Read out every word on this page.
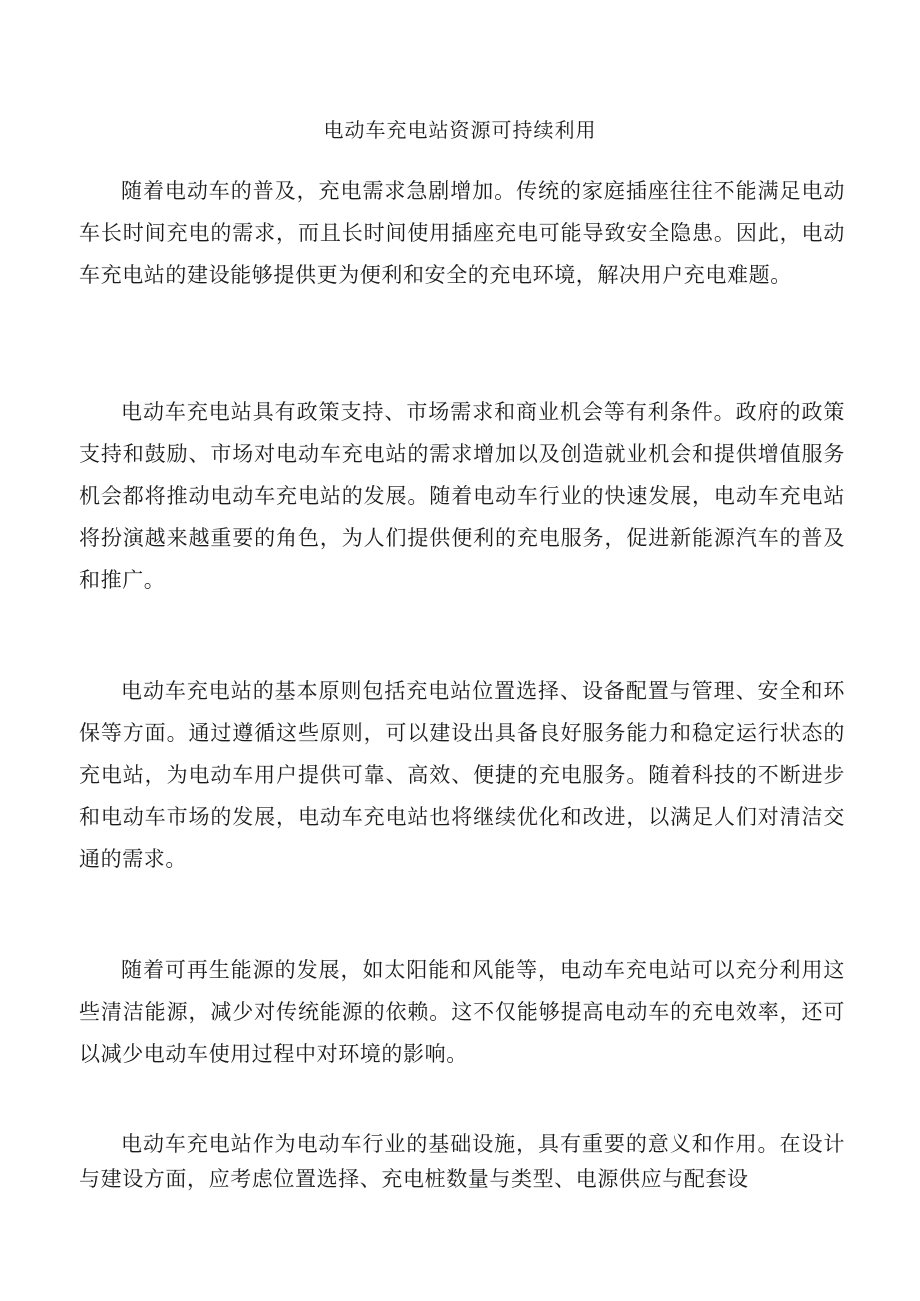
电动车充电站资源可持续利用

随着电动车的普及，充电需求急剧增加。传统的家庭插座往往不能满足电动车长时间充电的需求，而且长时间使用插座充电可能导致安全隐患。因此，电动车充电站的建设能够提供更为便利和安全的充电环境，解决用户充电难题。

电动车充电站具有政策支持、市场需求和商业机会等有利条件。政府的政策支持和鼓励、市场对电动车充电站的需求增加以及创造就业机会和提供增值服务机会都将推动电动车充电站的发展。随着电动车行业的快速发展，电动车充电站将扮演越来越重要的角色，为人们提供便利的充电服务，促进新能源汽车的普及和推广。

电动车充电站的基本原则包括充电站位置选择、设备配置与管理、安全和环保等方面。通过遵循这些原则，可以建设出具备良好服务能力和稳定运行状态的充电站，为电动车用户提供可靠、高效、便捷的充电服务。随着科技的不断进步和电动车市场的发展，电动车充电站也将继续优化和改进，以满足人们对清洁交通的需求。

随着可再生能源的发展，如太阳能和风能等，电动车充电站可以充分利用这些清洁能源，减少对传统能源的依赖。这不仅能够提高电动车的充电效率，还可以减少电动车使用过程中对环境的影响。

电动车充电站作为电动车行业的基础设施，具有重要的意义和作用。在设计与建设方面，应考虑位置选择、充电桩数量与类型、电源供应与配套设
